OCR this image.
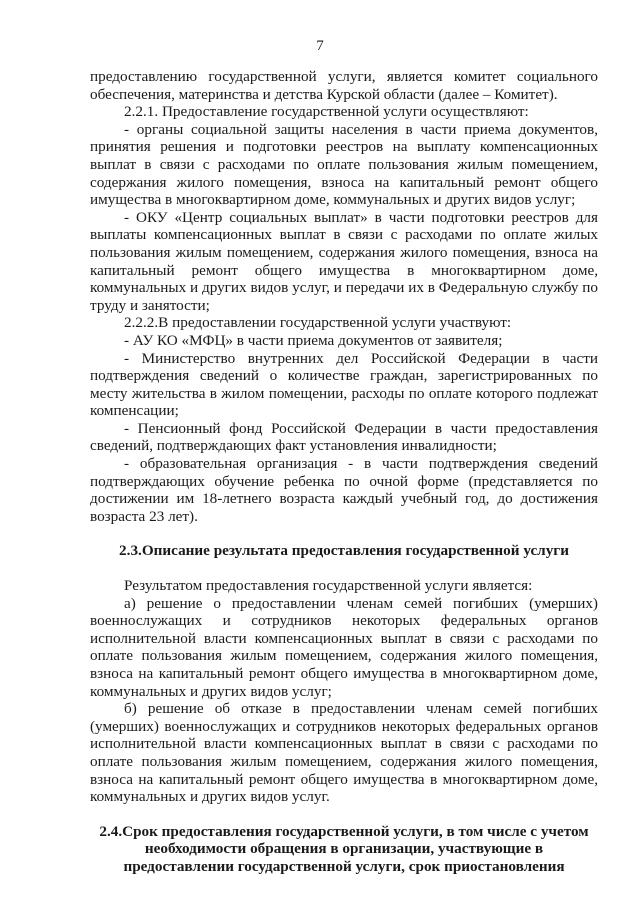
7

предоставлению государственной услуги, является комитет социального обеспечения, материнства и детства Курской области (далее – Комитет).

2.2.1. Предоставление государственной услуги осуществляют:

- органы социальной защиты населения в части приема документов, принятия решения и подготовки реестров на выплату компенсационных выплат в связи с расходами по оплате пользования жилым помещением, содержания жилого помещения, взноса на капитальный ремонт общего имущества в многоквартирном доме, коммунальных и других видов услуг;

- ОКУ «Центр социальных выплат» в части подготовки реестров для выплаты компенсационных выплат в связи с расходами по оплате жилых пользования жилым помещением, содержания жилого помещения, взноса на капитальный ремонт общего имущества в многоквартирном доме, коммунальных и других видов услуг, и передачи их в Федеральную службу по труду и занятости;

2.2.2.В предоставлении государственной услуги участвуют:

- АУ КО «МФЦ» в части приема документов от заявителя;

- Министерство внутренних дел Российской Федерации в части подтверждения сведений о количестве граждан, зарегистрированных по месту жительства в жилом помещении, расходы по оплате которого подлежат компенсации;

- Пенсионный фонд Российской Федерации в части предоставления сведений, подтверждающих факт установления инвалидности;

- образовательная организация - в части подтверждения сведений подтверждающих обучение ребенка по очной форме (представляется по достижении им 18-летнего возраста каждый учебный год, до достижения возраста 23 лет).

2.3.Описание результата предоставления государственной услуги

Результатом предоставления государственной услуги является:

а) решение о предоставлении членам семей погибших (умерших) военнослужащих и сотрудников некоторых федеральных органов исполнительной власти компенсационных выплат в связи с расходами по оплате пользования жилым помещением, содержания жилого помещения, взноса на капитальный ремонт общего имущества в многоквартирном доме, коммунальных и других видов услуг;

б) решение об отказе в предоставлении членам семей погибших (умерших) военнослужащих и сотрудников некоторых федеральных органов исполнительной власти компенсационных выплат в связи с расходами по оплате пользования жилым помещением, содержания жилого помещения, взноса на капитальный ремонт общего имущества в многоквартирном доме, коммунальных и других видов услуг.

2.4.Срок предоставления государственной услуги, в том числе с учетом

необходимости обращения в организации, участвующие в

предоставлении государственной услуги, срок приостановления
